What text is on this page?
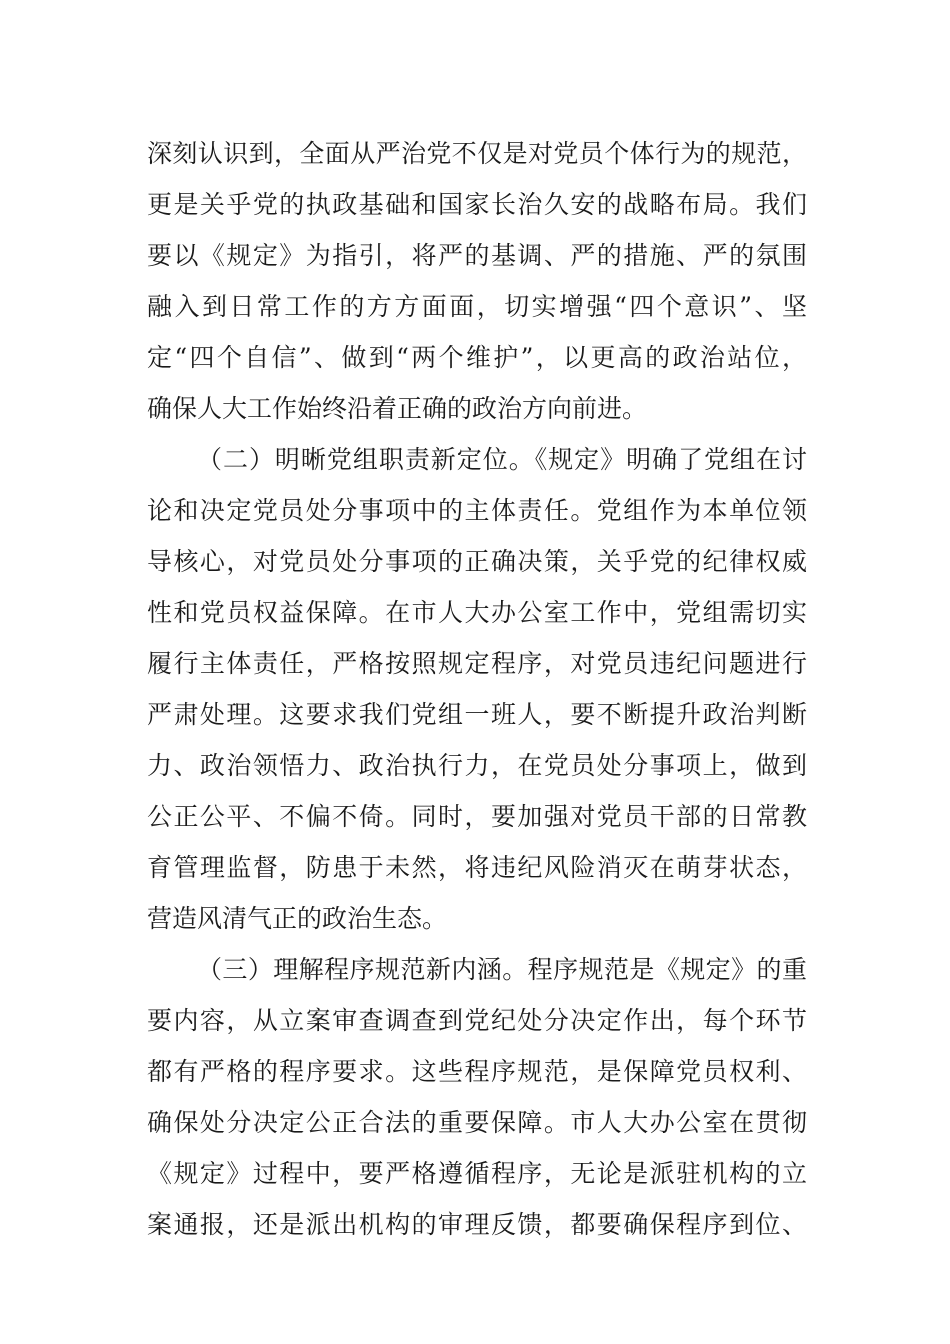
深刻认识到，全面从严治党不仅是对党员个体行为的规范，
更是关乎党的执政基础和国家长治久安的战略布局。我们
要以《规定》为指引，将严的基调、严的措施、严的氛围
融入到日常工作的方方面面，切实增强“四个意识”、坚
定“四个自信”、做到“两个维护”，以更高的政治站位，
确保人大工作始终沿着正确的政治方向前进。
（二）明晰党组职责新定位。《规定》明确了党组在讨
论和决定党员处分事项中的主体责任。党组作为本单位领
导核心，对党员处分事项的正确决策，关乎党的纪律权威
性和党员权益保障。在市人大办公室工作中，党组需切实
履行主体责任，严格按照规定程序，对党员违纪问题进行
严肃处理。这要求我们党组一班人，要不断提升政治判断
力、政治领悟力、政治执行力，在党员处分事项上，做到
公正公平、不偏不倚。同时，要加强对党员干部的日常教
育管理监督，防患于未然，将违纪风险消灭在萌芽状态，
营造风清气正的政治生态。
（三）理解程序规范新内涵。程序规范是《规定》的重
要内容，从立案审查调查到党纪处分决定作出，每个环节
都有严格的程序要求。这些程序规范，是保障党员权利、
确保处分决定公正合法的重要保障。市人大办公室在贯彻
《规定》过程中，要严格遵循程序，无论是派驻机构的立
案通报，还是派出机构的审理反馈，都要确保程序到位、
